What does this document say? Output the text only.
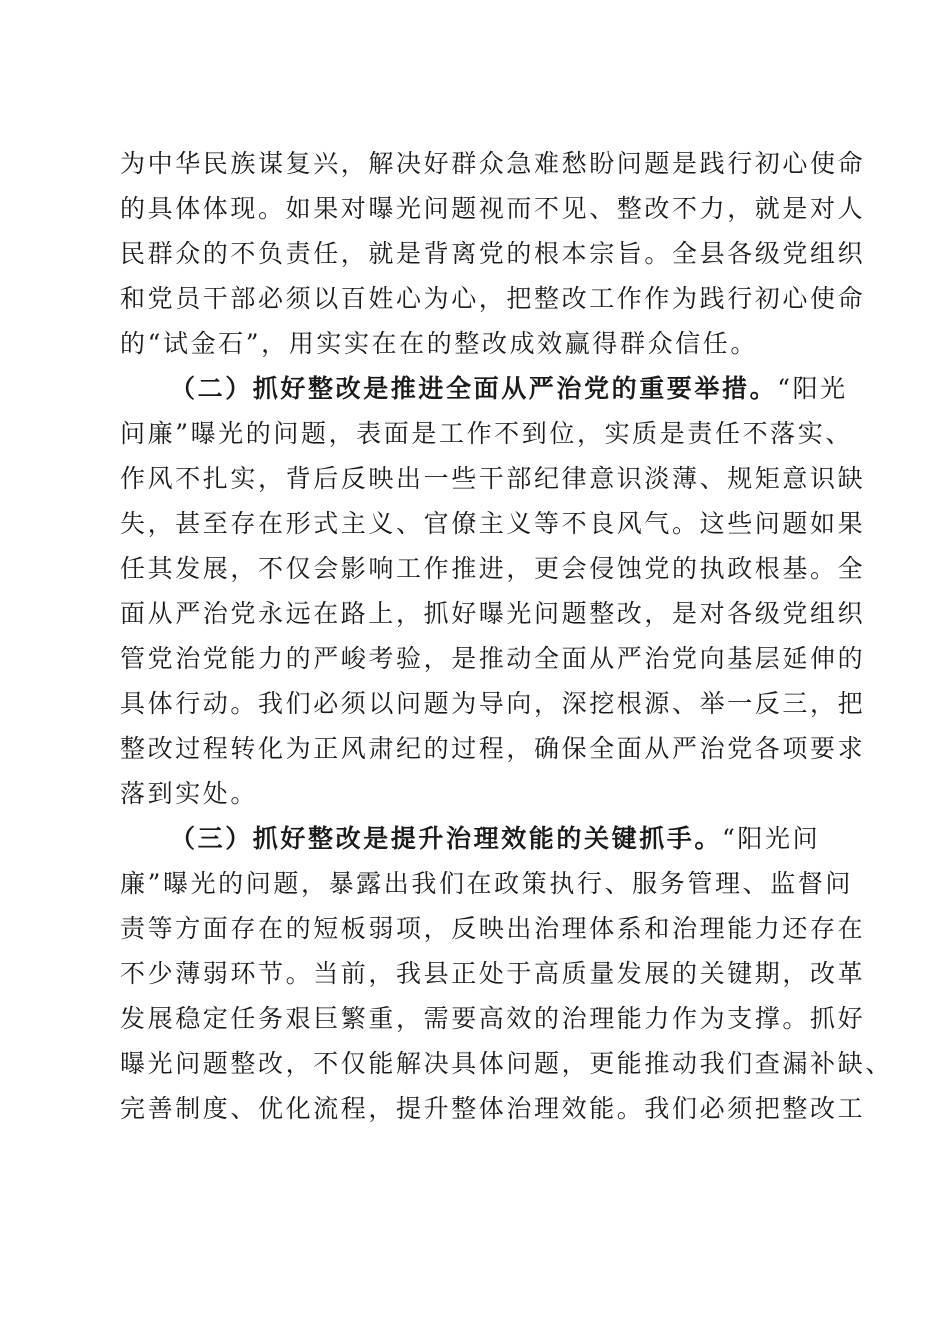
为中华民族谋复兴，解决好群众急难愁盼问题是践行初心使命
的具体体现。如果对曝光问题视而不见、整改不力，就是对人
民群众的不负责任，就是背离党的根本宗旨。全县各级党组织
和党员干部必须以百姓心为心，把整改工作作为践行初心使命
的“试金石”，用实实在在的整改成效赢得群众信任。

（二）抓好整改是推进全面从严治党的重要举措。“阳光
问廉”曝光的问题，表面是工作不到位，实质是责任不落实、
作风不扎实，背后反映出一些干部纪律意识淡薄、规矩意识缺
失，甚至存在形式主义、官僚主义等不良风气。这些问题如果
任其发展，不仅会影响工作推进，更会侵蚀党的执政根基。全
面从严治党永远在路上，抓好曝光问题整改，是对各级党组织
管党治党能力的严峻考验，是推动全面从严治党向基层延伸的
具体行动。我们必须以问题为导向，深挖根源、举一反三，把
整改过程转化为正风肃纪的过程，确保全面从严治党各项要求
落到实处。

（三）抓好整改是提升治理效能的关键抓手。“阳光问
廉”曝光的问题，暴露出我们在政策执行、服务管理、监督问
责等方面存在的短板弱项，反映出治理体系和治理能力还存在
不少薄弱环节。当前，我县正处于高质量发展的关键期，改革
发展稳定任务艰巨繁重，需要高效的治理能力作为支撑。抓好
曝光问题整改，不仅能解决具体问题，更能推动我们查漏补缺、
完善制度、优化流程，提升整体治理效能。我们必须把整改工
